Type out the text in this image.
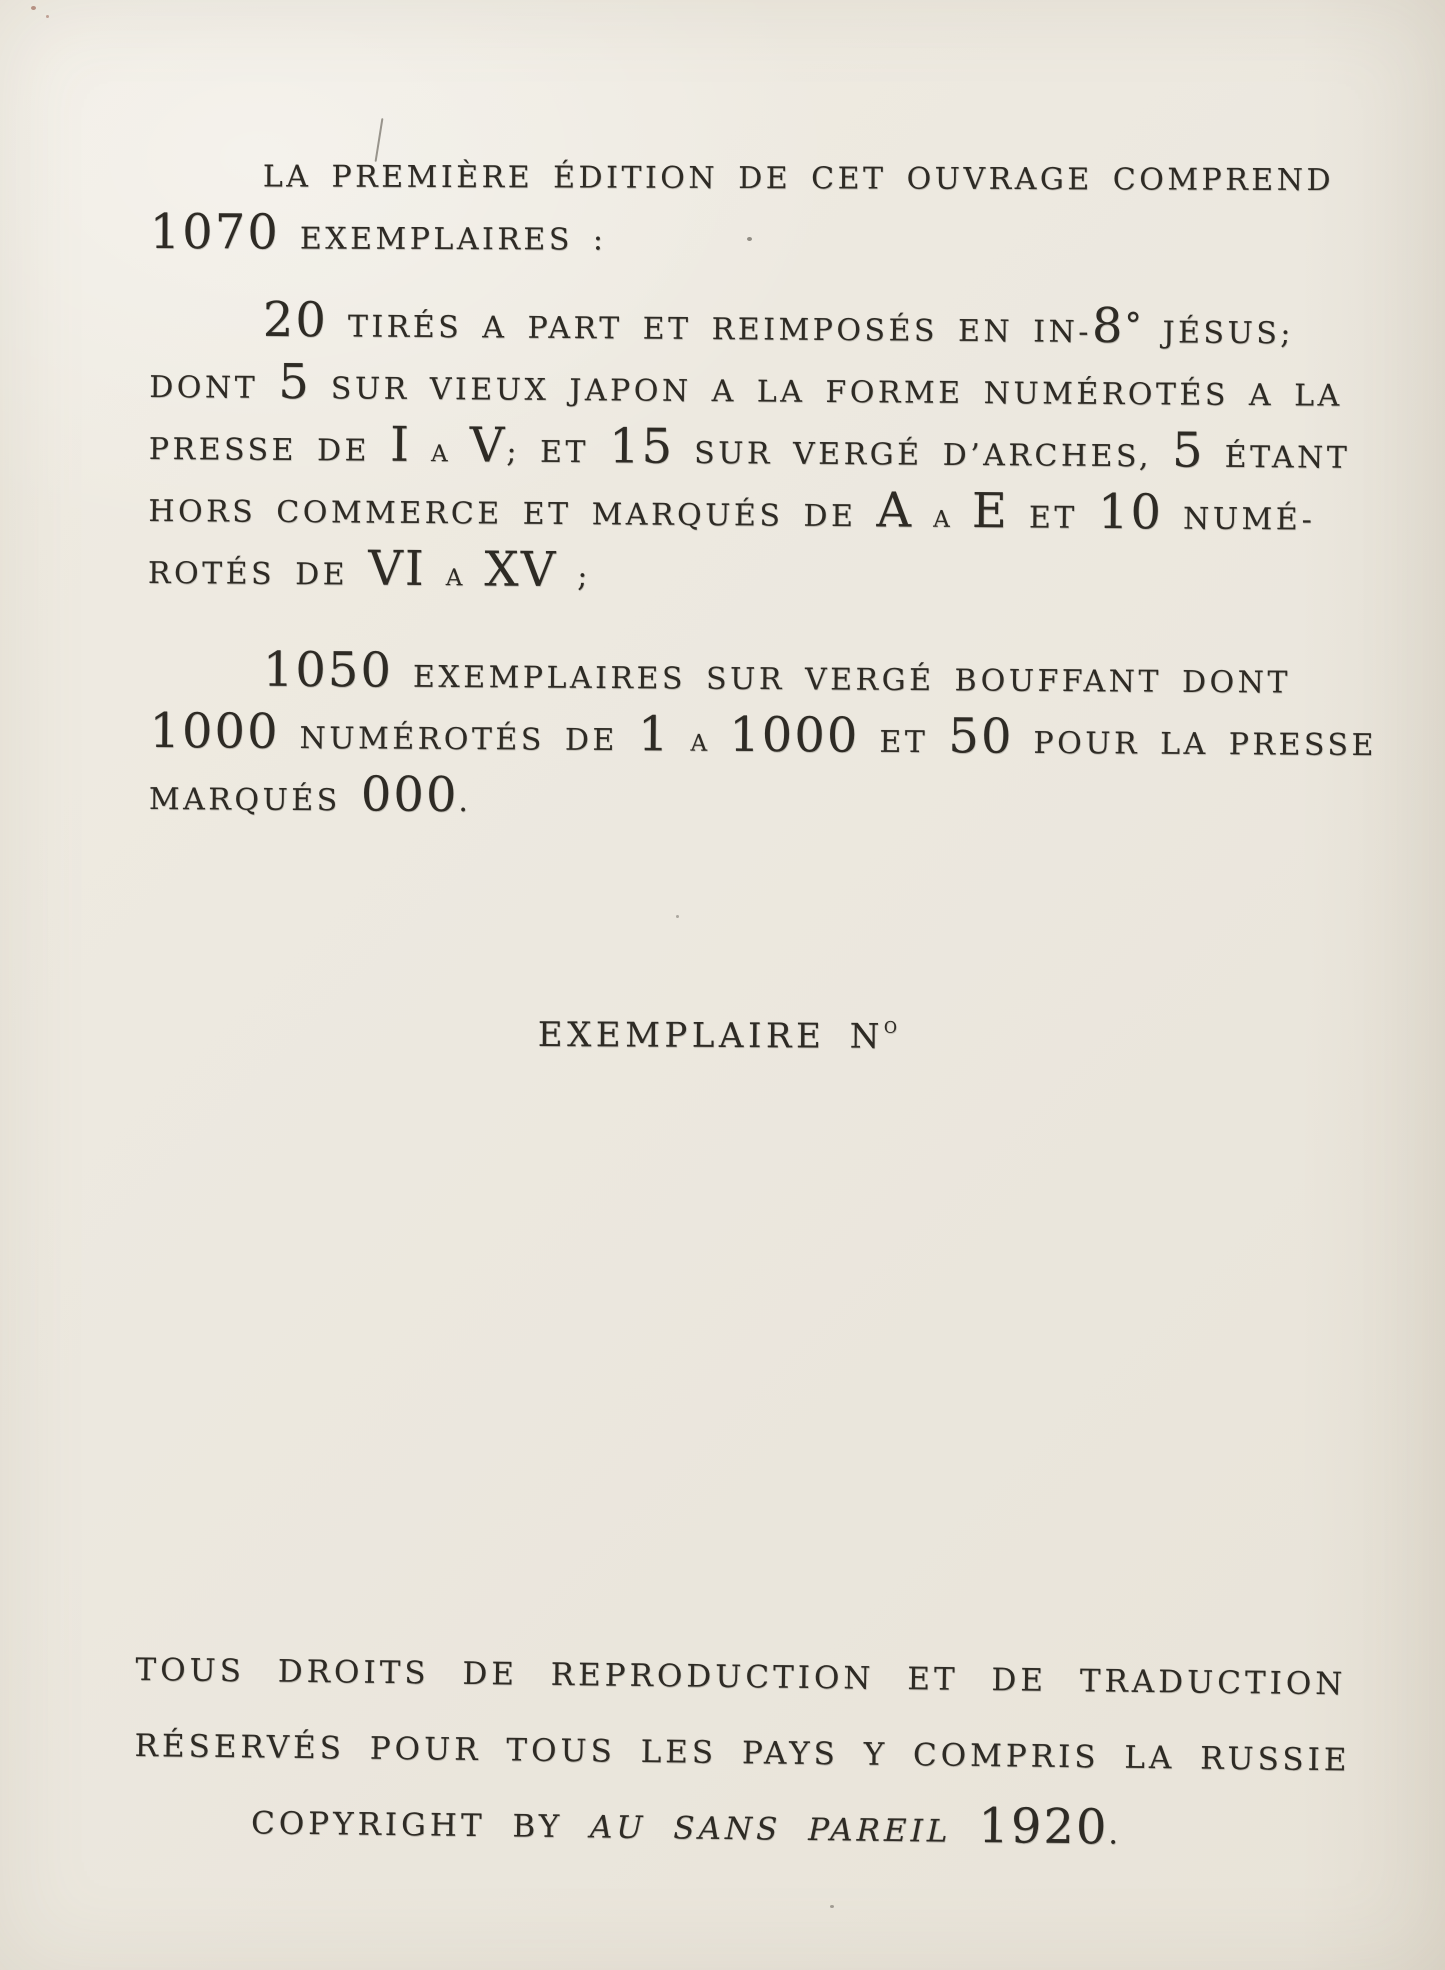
LA PREMIÈRE ÉDITION DE CET OUVRAGE COMPREND
1070 EXEMPLAIRES :
20 TIRÉS A PART ET REIMPOSÉS EN IN-8° JÉSUS;
DONT 5 SUR VIEUX JAPON A LA FORME NUMÉROTÉS A LA
PRESSE DE I A V; ET 15 SUR VERGÉ D’ARCHES, 5 ÉTANT
HORS COMMERCE ET MARQUÉS DE A A E ET 10 NUMÉ-
ROTÉS DE VI A XV ;
1050 EXEMPLAIRES SUR VERGÉ BOUFFANT DONT
1000 NUMÉROTÉS DE 1 A 1000 ET 50 POUR LA PRESSE
MARQUÉS 000.
EXEMPLAIRE $N^O$
TOUS DROITS DE REPRODUCTION ET DE TRADUCTION
RÉSERVÉS POUR TOUS LES PAYS Y COMPRIS LA RUSSIE
COPYRIGHT BY AU SANS PAREIL 1920.
